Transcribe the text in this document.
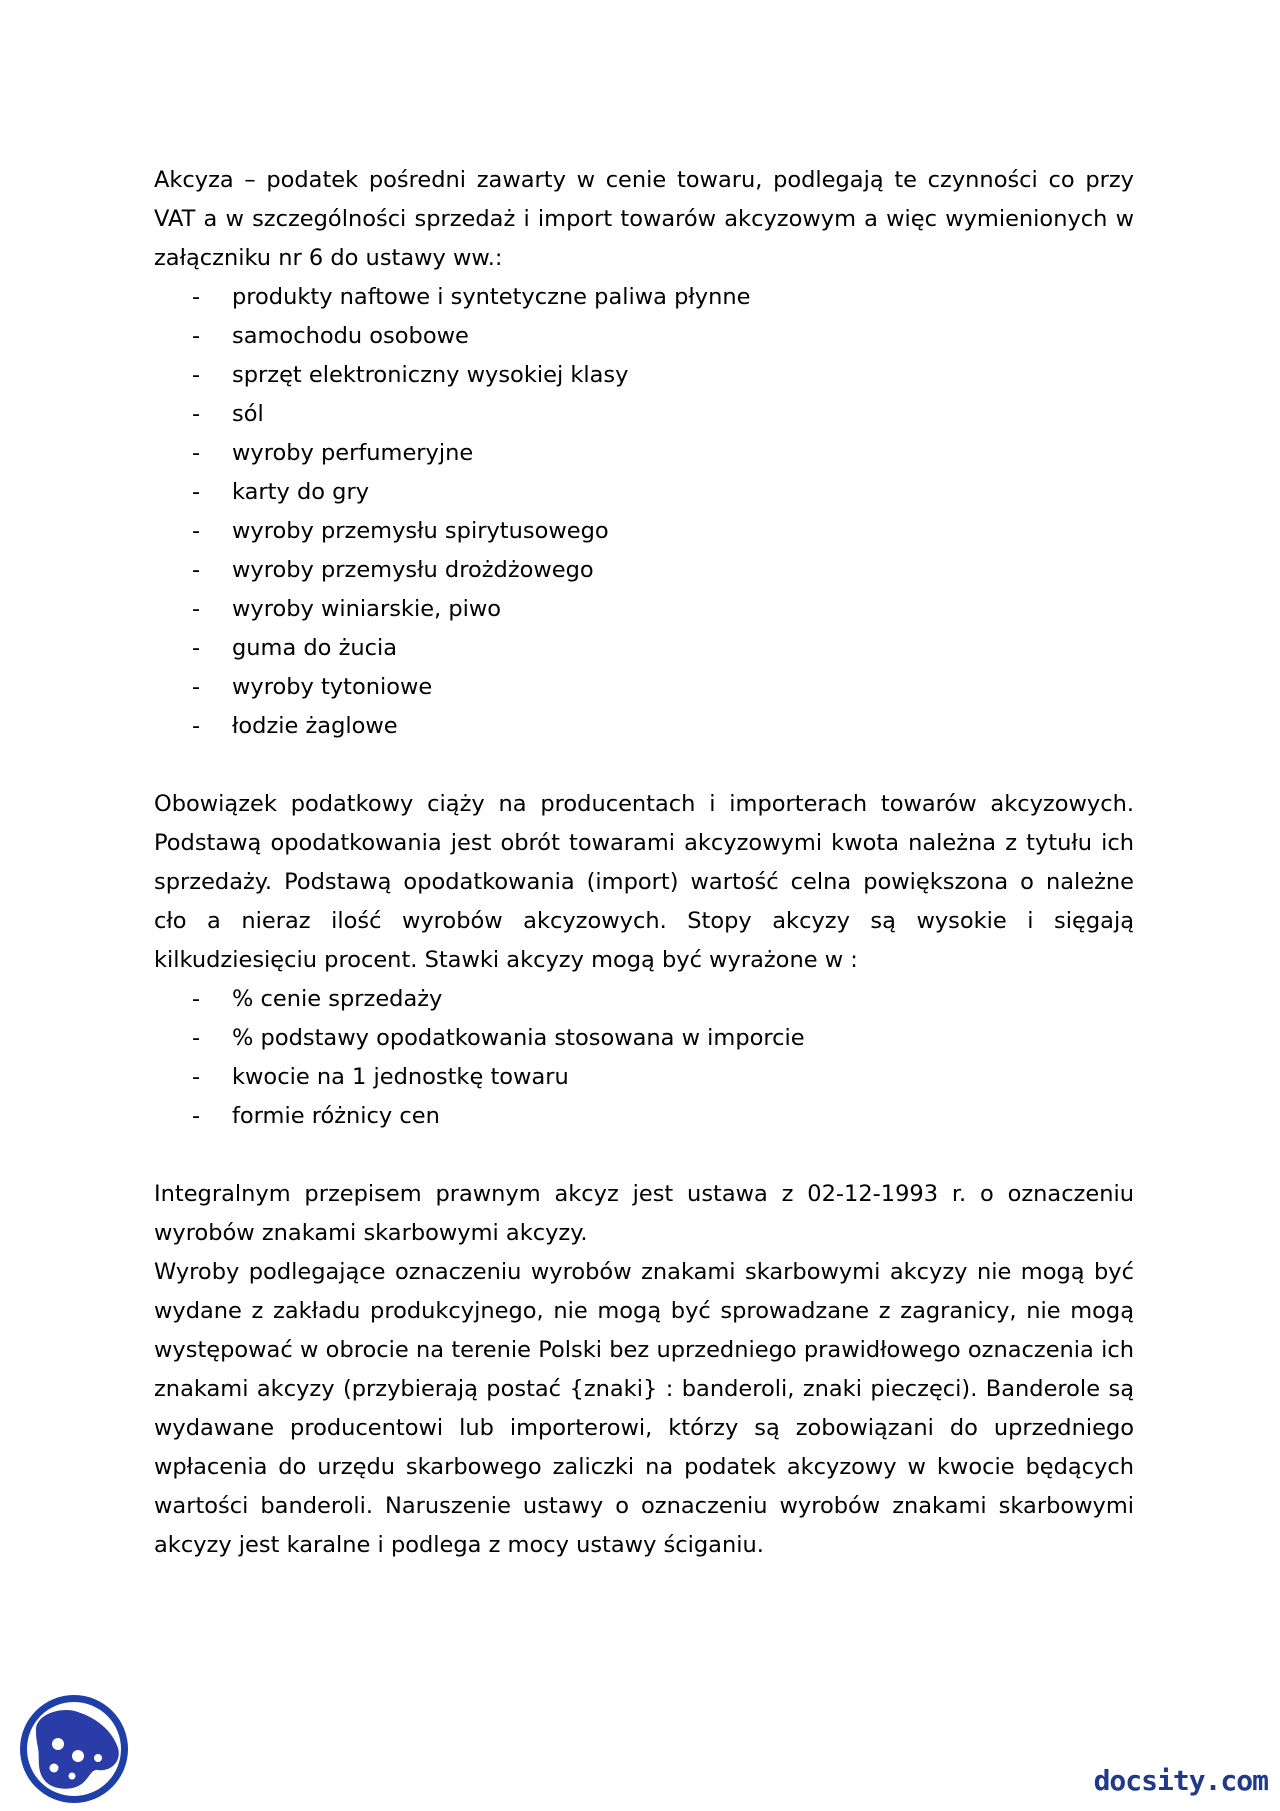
Akcyza – podatek pośredni zawarty w cenie towaru, podlegają te czynności co przy VAT a w szczególności sprzedaż i import towarów akcyzowym a więc wymienionych w załączniku nr 6 do ustawy ww.:

- produkty naftowe i syntetyczne paliwa płynne
- samochodu osobowe
- sprzęt elektroniczny wysokiej klasy
- sól
- wyroby perfumeryjne
- karty do gry
- wyroby przemysłu spirytusowego
- wyroby przemysłu drożdżowego
- wyroby winiarskie, piwo
- guma do żucia
- wyroby tytoniowe
- łodzie żaglowe

Obowiązek podatkowy ciąży na producentach i importerach towarów akcyzowych. Podstawą opodatkowania jest obrót towarami akcyzowymi kwota należna z tytułu ich sprzedaży. Podstawą opodatkowania (import) wartość celna powiększona o należne cło a nieraz ilość wyrobów akcyzowych. Stopy akcyzy są wysokie i sięgają kilkudziesięciu procent. Stawki akcyzy mogą być wyrażone w :

- % cenie sprzedaży
- % podstawy opodatkowania stosowana w imporcie
- kwocie na 1 jednostkę towaru
- formie różnicy cen

Integralnym przepisem prawnym akcyz jest ustawa z 02-12-1993 r. o oznaczeniu wyrobów znakami skarbowymi akcyzy.

Wyroby podlegające oznaczeniu wyrobów znakami skarbowymi akcyzy nie mogą być wydane z zakładu produkcyjnego, nie mogą być sprowadzane z zagranicy, nie mogą występować w obrocie na terenie Polski bez uprzedniego prawidłowego oznaczenia ich znakami akcyzy (przybierają postać {znaki} : banderoli, znaki pieczęci). Banderole są wydawane producentowi lub importerowi, którzy są zobowiązani do uprzedniego wpłacenia do urzędu skarbowego zaliczki na podatek akcyzowy w kwocie będących wartości banderoli. Naruszenie ustawy o oznaczeniu wyrobów znakami skarbowymi akcyzy jest karalne i podlega z mocy ustawy ściganiu.

docsity.com
